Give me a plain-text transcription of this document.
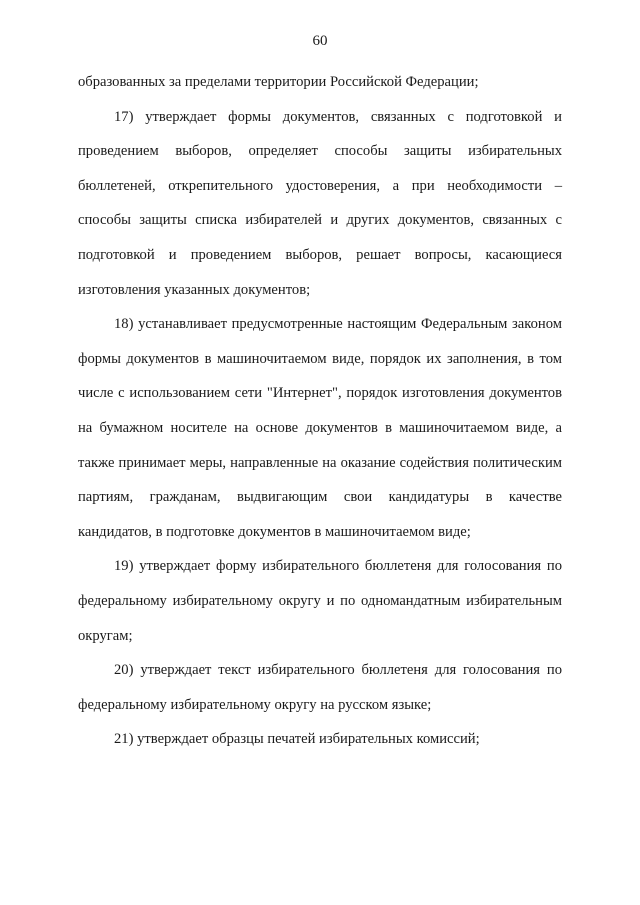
60

образованных за пределами территории Российской Федерации;

17) утверждает формы документов, связанных с подготовкой и проведением выборов, определяет способы защиты избирательных бюллетеней, открепительного удостоверения, а при необходимости – способы защиты списка избирателей и других документов, связанных с подготовкой и проведением выборов, решает вопросы, касающиеся изготовления указанных документов;

18) устанавливает предусмотренные настоящим Федеральным законом формы документов в машиночитаемом виде, порядок их заполнения, в том числе с использованием сети "Интернет", порядок изготовления документов на бумажном носителе на основе документов в машиночитаемом виде, а также принимает меры, направленные на оказание содействия политическим партиям, гражданам, выдвигающим свои кандидатуры в качестве кандидатов, в подготовке документов в машиночитаемом виде;

19) утверждает форму избирательного бюллетеня для голосования по федеральному избирательному округу и по одномандатным избирательным округам;

20) утверждает текст избирательного бюллетеня для голосования по федеральному избирательному округу на русском языке;

21) утверждает образцы печатей избирательных комиссий;
